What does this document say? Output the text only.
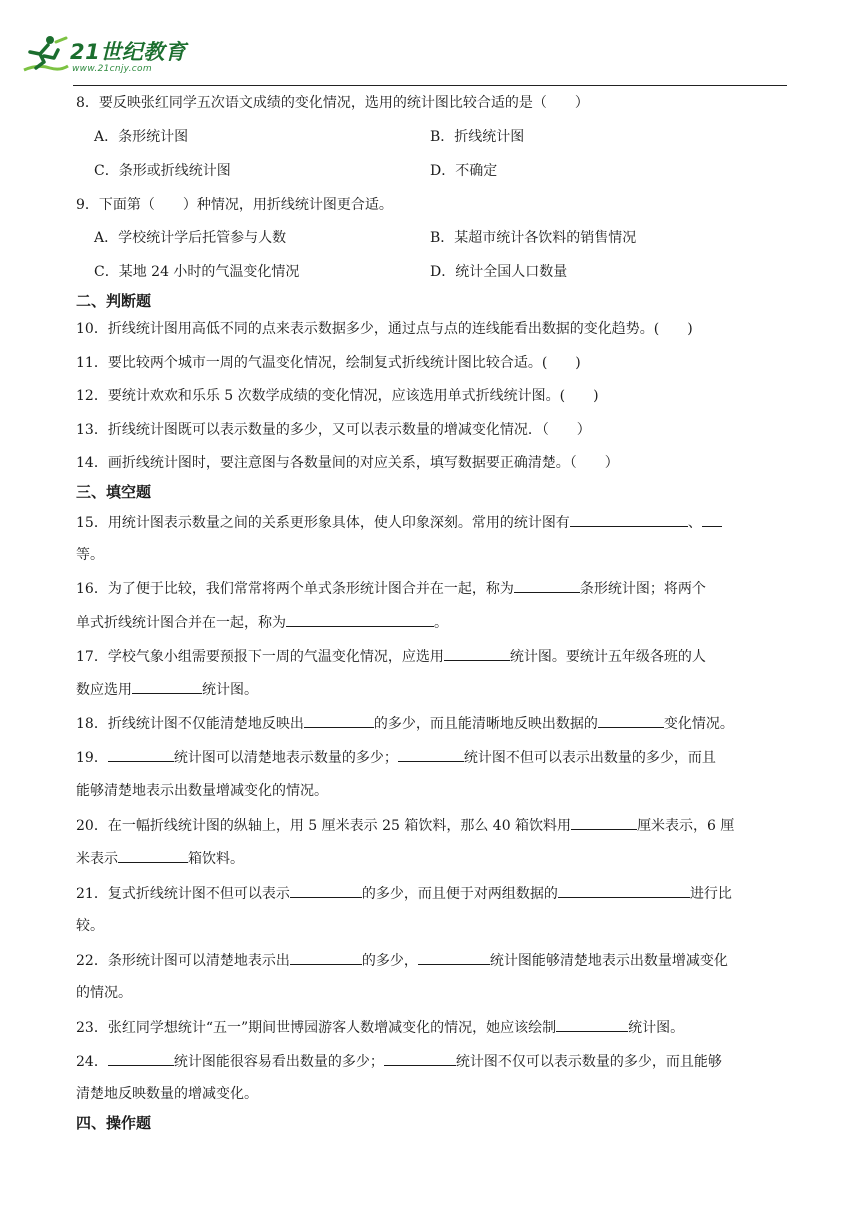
21世纪教育
www.21cnjy.com
8．要反映张红同学五次语文成绩的变化情况，选用的统计图比较合适的是（　　）
A．条形统计图	B．折线统计图
C．条形或折线统计图	D．不确定
9．下面第（　　）种情况，用折线统计图更合适。
A．学校统计学后托管参与人数	B．某超市统计各饮料的销售情况
C．某地 24 小时的气温变化情况	D．统计全国人口数量
二、判断题
10．折线统计图用高低不同的点来表示数据多少，通过点与点的连线能看出数据的变化趋势。(　　)
11．要比较两个城市一周的气温变化情况，绘制复式折线统计图比较合适。(　　)
12．要统计欢欢和乐乐 5 次数学成绩的变化情况，应该选用单式折线统计图。(　　)
13．折线统计图既可以表示数量的多少，又可以表示数量的增减变化情况．（　　）
14．画折线统计图时，要注意图与各数量间的对应关系，填写数据要正确清楚。（　　）
三、填空题
15．用统计图表示数量之间的关系更形象具体，使人印象深刻。常用的统计图有	、
等。
16．为了便于比较，我们常常将两个单式条形统计图合并在一起，称为	条形统计图；将两个
单式折线统计图合并在一起，称为	。
17．学校气象小组需要预报下一周的气温变化情况，应选用	统计图。要统计五年级各班的人
数应选用	统计图。
18．折线统计图不仅能清楚地反映出	的多少，而且能清晰地反映出数据的	变化情况。
19．	统计图可以清楚地表示数量的多少；	统计图不但可以表示出数量的多少，而且
能够清楚地表示出数量增减变化的情况。
20．在一幅折线统计图的纵轴上，用 5 厘米表示 25 箱饮料，那么 40 箱饮料用	厘米表示，6 厘
米表示	箱饮料。
21．复式折线统计图不但可以表示	的多少，而且便于对两组数据的	进行比
较。
22．条形统计图可以清楚地表示出	的多少，	统计图能够清楚地表示出数量增减变化
的情况。
23．张红同学想统计“五一”期间世博园游客人数增减变化的情况，她应该绘制	统计图。
24．	统计图能很容易看出数量的多少；	统计图不仅可以表示数量的多少，而且能够
清楚地反映数量的增减变化。
四、操作题
